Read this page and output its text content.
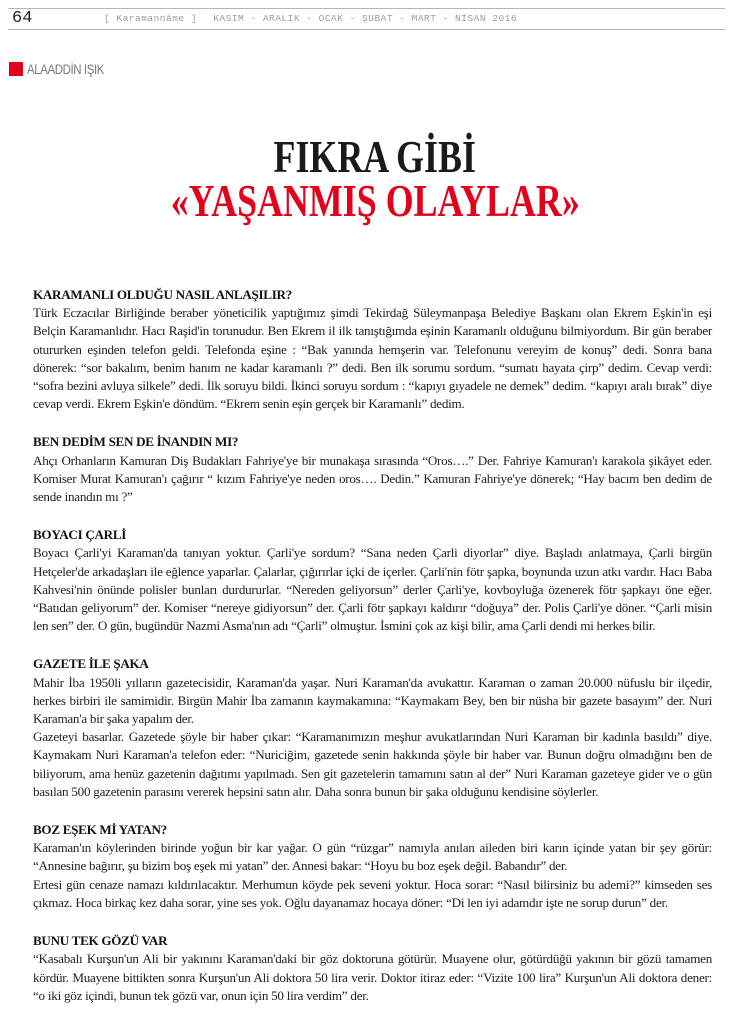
64	[ Karamannâme ] KASIM - ARALIK - OCAK - ŞUBAT - MART - NİSAN 2016
ALAADDİN IŞIK
FIKRA GİBİ
«YAŞANMIŞ OLAYLAR»
KARAMANLI OLDUĞU NASIL ANLAŞILIR?

Türk Eczacılar Birliğinde beraber yöneticilik yaptığımız şimdi Tekirdağ Süleymanpaşa Belediye Başkanı olan Ekrem Eşkin'in eşi Belçin Karamanlıdır. Hacı Raşid'in torunudur. Ben Ekrem il ilk tanıştığımda eşinin Karamanlı olduğunu bilmiyordum. Bir gün beraber otururken eşinden telefon geldi. Telefonda eşine : “Bak yanında hemşerin var. Telefonunu vereyim de konuş” dedi. Sonra bana dönerek: “sor bakalım, benim hanım ne kadar karamanlı ?” dedi. Ben ilk sorumu sordum. “sumatı hayata çirp” dedim. Cevap verdi: “sofra bezini avluya silkele” dedi. İlk soruyu bildi. İkinci soruyu sordum : “kapıyı gıyadele ne demek” dedim. “kapıyı aralı bırak” diye cevap verdi. Ekrem Eşkin'e döndüm. “Ekrem senin eşin gerçek bir Karamanlı” dedim.

BEN DEDİM SEN DE İNANDIN MI?

Ahçı Orhanların Kamuran Diş Budakları Fahriye'ye bir munakaşa sırasında “Oros….” Der. Fahriye Kamuran'ı karakola şikâyet eder. Komiser Murat Kamuran'ı çağırır “ kızım Fahriye'ye neden oros…. Dedin.” Kamuran Fahriye'ye dönerek; “Hay bacım ben dedim de sende inandın mı ?”

BOYACI ÇARLİ

Boyacı Çarli'yi Karaman'da tanıyan yoktur. Çarli'ye sordum? “Sana neden Çarli diyorlar” diye. Başladı anlatmaya, Çarli birgün Hetçeler'de arkadaşları ile eğlence yaparlar. Çalarlar, çığırırlar içki de içerler. Çarli'nin fötr şapka, boynunda uzun atkı vardır. Hacı Baba Kahvesi'nin önünde polisler bunları durdururlar. “Nereden geliyorsun” derler Çarli'ye, kovboyluğa özenerek fötr şapkayı öne eğer. “Batıdan geliyorum” der. Komiser “nereye gidiyorsun” der. Çarli fötr şapkayı kaldırır “doğuya” der. Polis Çarli'ye döner. “Çarli misin len sen” der. O gün, bugündür Nazmi Asma'nın adı “Çarli” olmuştur. İsmini çok az kişi bilir, ama Çarli dendi mi herkes bilir.

GAZETE İLE ŞAKA

Mahir İba 1950li yılların gazetecisidir, Karaman'da yaşar. Nuri Karaman'da avukattır. Karaman o zaman 20.000 nüfuslu bir ilçedir, herkes birbiri ile samimidir. Birgün Mahir İba zamanın kaymakamına: “Kaymakam Bey, ben bir nüsha bir gazete basayım” der. Nuri Karaman'a bir şaka yapalım der.

Gazeteyi basarlar. Gazetede şöyle bir haber çıkar: “Karamanımızın meşhur avukatlarından Nuri Karaman bir kadınla basıldı” diye. Kaymakam Nuri Karaman'a telefon eder: “Nuriciğim, gazetede senin hakkında şöyle bir haber var. Bunun doğru olmadığını ben de biliyorum, ama henüz gazetenin dağıtımı yapılmadı. Sen git gazetelerin tamamını satın al der” Nuri Karaman gazeteye gider ve o gün basılan 500 gazetenin parasını vererek hepsini satın alır. Daha sonra bunun bir şaka olduğunu kendisine söylerler.

BOZ EŞEK Mİ YATAN?

Karaman'ın köylerinden birinde yoğun bir kar yağar. O gün “rüzgar” namıyla anılan aileden biri karın içinde yatan bir şey görür: “Annesine bağırır, şu bizim boş eşek mi yatan” der. Annesi bakar: “Hoyu bu boz eşek değil. Babandır” der.

Ertesi gün cenaze namazı kıldırılacaktır. Merhumun köyde pek seveni yoktur. Hoca sorar: “Nasıl bilirsiniz bu ademi?” kimseden ses çıkmaz. Hoca birkaç kez daha sorar, yine ses yok. Oğlu dayanamaz hocaya döner: “Di len iyi adamdır işte ne sorup durun” der.

BUNU TEK GÖZÜ VAR

“Kasabalı Kurşun'un Ali bir yakınını Karaman'daki bir göz doktoruna götürür. Muayene olur, götürdüğü yakının bir gözü tamamen kördür. Muayene bittikten sonra Kurşun'un Ali doktora 50 lira verir. Doktor itiraz eder: “Vizite 100 lira” Kurşun'un Ali doktora dener: “o iki göz içindi, bunun tek gözü var, onun için 50 lira verdim” der.
